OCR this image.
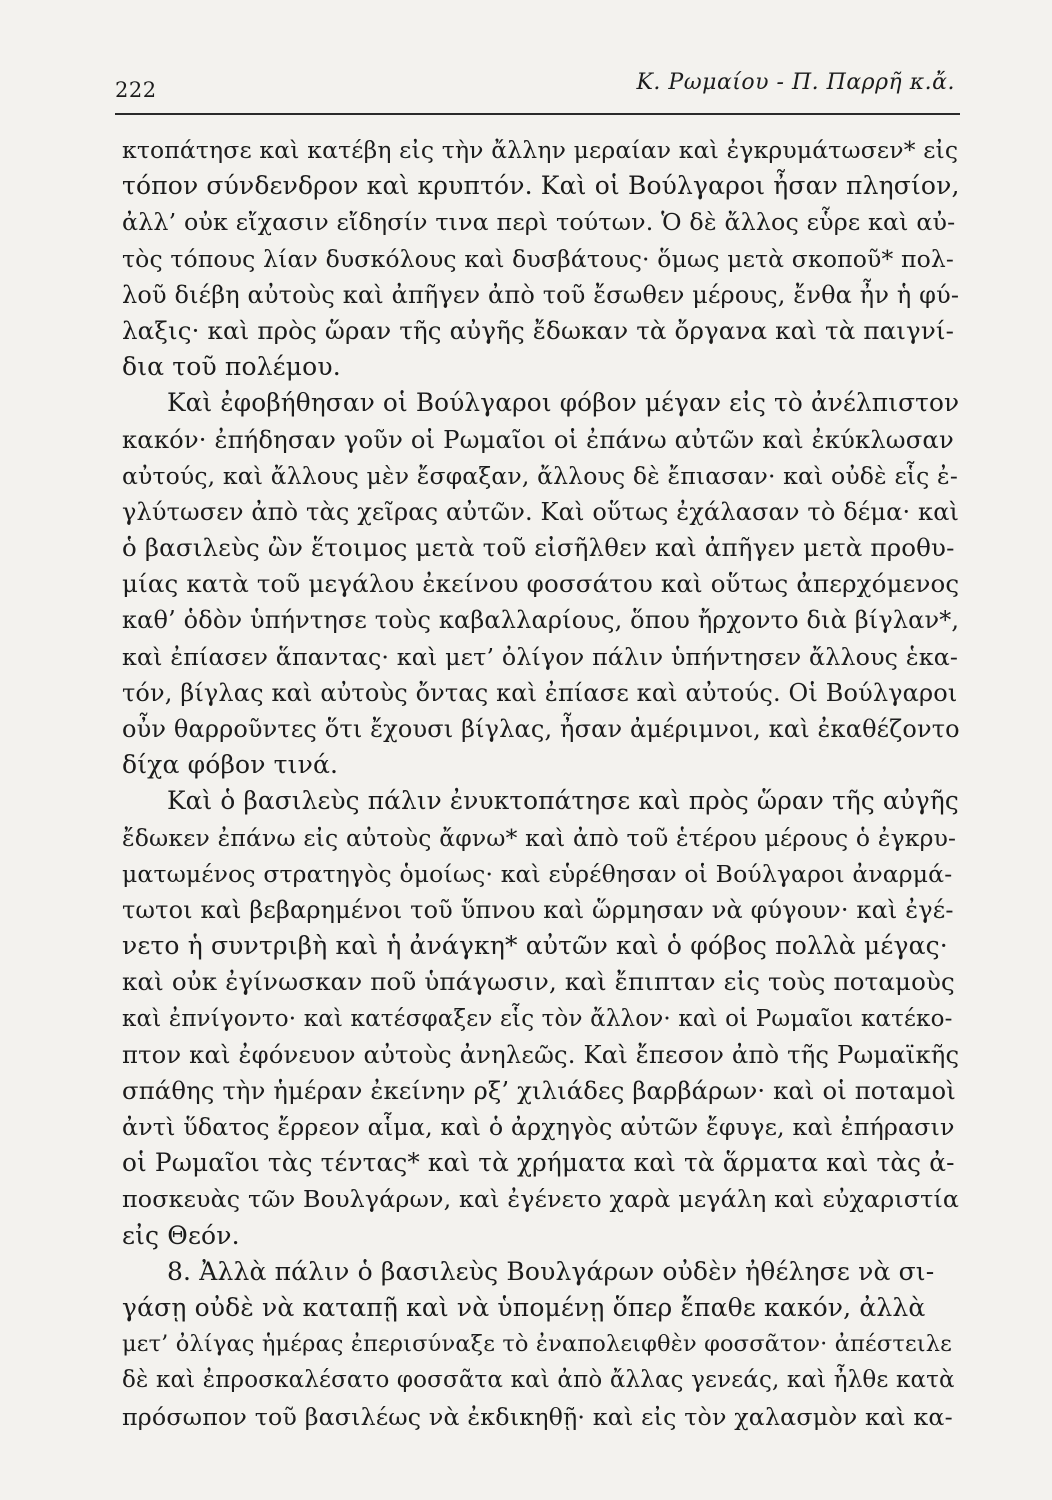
222	Κ. Ρωμαίου - Π. Παρρῆ κ.ἄ.
κτοπάτησε καὶ κατέβη εἰς τὴν ἄλλην μεραίαν καὶ ἐγκρυμάτωσεν* εἰς
τόπον σύνδενδρον καὶ κρυπτόν. Καὶ οἱ Βούλγαροι ἦσαν πλησίον,
ἀλλ’ οὐκ εἴχασιν εἴδησίν τινα περὶ τούτων. Ὁ δὲ ἄλλος εὗρε καὶ αὐ-
τὸς τόπους λίαν δυσκόλους καὶ δυσβάτους· ὅμως μετὰ σκοποῦ* πολ-
λοῦ διέβη αὐτοὺς καὶ ἀπῆγεν ἀπὸ τοῦ ἔσωθεν μέρους, ἔνθα ἦν ἡ φύ-
λαξις· καὶ πρὸς ὥραν τῆς αὐγῆς ἔδωκαν τὰ ὄργανα καὶ τὰ παιγνί-
δια τοῦ πολέμου.
Καὶ ἐφοβήθησαν οἱ Βούλγαροι φόβον μέγαν εἰς τὸ ἀνέλπιστον
κακόν· ἐπήδησαν γοῦν οἱ Ρωμαῖοι οἱ ἐπάνω αὐτῶν καὶ ἐκύκλωσαν
αὐτούς, καὶ ἄλλους μὲν ἔσφαξαν, ἄλλους δὲ ἔπιασαν· καὶ οὐδὲ εἷς ἐ-
γλύτωσεν ἀπὸ τὰς χεῖρας αὐτῶν. Καὶ οὕτως ἐχάλασαν τὸ δέμα· καὶ
ὁ βασιλεὺς ὢν ἕτοιμος μετὰ τοῦ εἰσῆλθεν καὶ ἀπῆγεν μετὰ προθυ-
μίας κατὰ τοῦ μεγάλου ἐκείνου φοσσάτου καὶ οὕτως ἀπερχόμενος
καθ’ ὁδὸν ὑπήντησε τοὺς καβαλλαρίους, ὅπου ἤρχοντο διὰ βίγλαν*,
καὶ ἐπίασεν ἅπαντας· καὶ μετ’ ὀλίγον πάλιν ὑπήντησεν ἄλλους ἑκα-
τόν, βίγλας καὶ αὐτοὺς ὄντας καὶ ἐπίασε καὶ αὐτούς. Οἱ Βούλγαροι
οὖν θαρροῦντες ὅτι ἔχουσι βίγλας, ἦσαν ἀμέριμνοι, καὶ ἐκαθέζοντο
δίχα φόβον τινά.
Καὶ ὁ βασιλεὺς πάλιν ἐνυκτοπάτησε καὶ πρὸς ὥραν τῆς αὐγῆς
ἔδωκεν ἐπάνω εἰς αὐτοὺς ἄφνω* καὶ ἀπὸ τοῦ ἑτέρου μέρους ὁ ἐγκρυ-
ματωμένος στρατηγὸς ὁμοίως· καὶ εὑρέθησαν οἱ Βούλγαροι ἀναρμά-
τωτοι καὶ βεβαρημένοι τοῦ ὕπνου καὶ ὥρμησαν νὰ φύγουν· καὶ ἐγέ-
νετο ἡ συντριβὴ καὶ ἡ ἀνάγκη* αὐτῶν καὶ ὁ φόβος πολλὰ μέγας·
καὶ οὐκ ἐγίνωσκαν ποῦ ὑπάγωσιν, καὶ ἔπιπταν εἰς τοὺς ποταμοὺς
καὶ ἐπνίγοντο· καὶ κατέσφαξεν εἷς τὸν ἄλλον· καὶ οἱ Ρωμαῖοι κατέκο-
πτον καὶ ἐφόνευον αὐτοὺς ἀνηλεῶς. Καὶ ἔπεσον ἀπὸ τῆς Ρωμαϊκῆς
σπάθης τὴν ἡμέραν ἐκείνην ρξ’ χιλιάδες βαρβάρων· καὶ οἱ ποταμοὶ
ἀντὶ ὕδατος ἔρρεον αἷμα, καὶ ὁ ἀρχηγὸς αὐτῶν ἔφυγε, καὶ ἐπήρασιν
οἱ Ρωμαῖοι τὰς τέντας* καὶ τὰ χρήματα καὶ τὰ ἅρματα καὶ τὰς ἀ-
ποσκευὰς τῶν Βουλγάρων, καὶ ἐγένετο χαρὰ μεγάλη καὶ εὐχαριστία
εἰς Θεόν.
8. Ἀλλὰ πάλιν ὁ βασιλεὺς Βουλγάρων οὐδὲν ἠθέλησε νὰ σι-
γάσῃ οὐδὲ νὰ καταπῇ καὶ νὰ ὑπομένῃ ὅπερ ἔπαθε κακόν, ἀλλὰ
μετ’ ὀλίγας ἡμέρας ἐπερισύναξε τὸ ἐναπολειφθὲν φοσσᾶτον· ἀπέστειλε
δὲ καὶ ἐπροσκαλέσατο φοσσᾶτα καὶ ἀπὸ ἄλλας γενεάς, καὶ ἦλθε κατὰ
πρόσωπον τοῦ βασιλέως νὰ ἐκδικηθῇ· καὶ εἰς τὸν χαλασμὸν καὶ κα-
